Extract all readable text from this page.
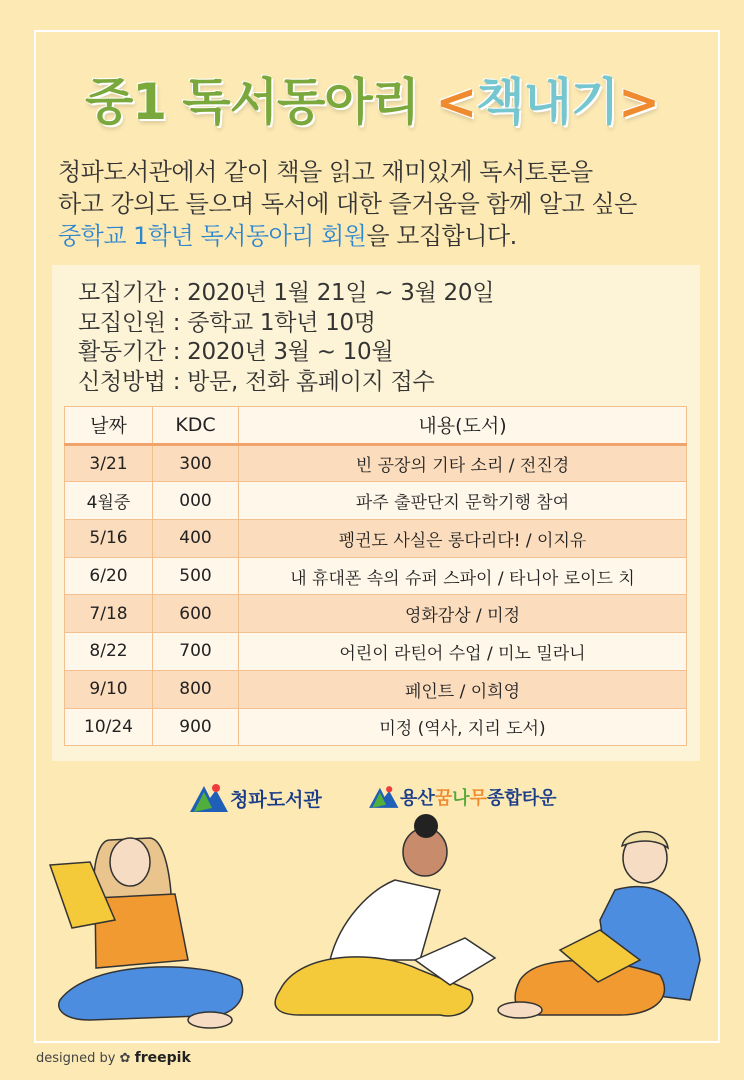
중1 독서동아리 <책내기>
청파도서관에서 같이 책을 읽고 재미있게 독서토론을
하고 강의도 들으며 독서에 대한 즐거움을 함께 알고 싶은
중학교 1학년 독서동아리 회원을 모집합니다.
모집기간 : 2020년 1월 21일 ~ 3월 20일
모집인원 : 중학교 1학년 10명
활동기간 : 2020년 3월 ~ 10월
신청방법 : 방문, 전화 홈페이지 접수
날짜	KDC	내용(도서)
3/21	300	빈 공장의 기타 소리 / 전진경
4월중	000	파주 출판단지 문학기행 참여
5/16	400	펭귄도 사실은 롱다리다! / 이지유
6/20	500	내 휴대폰 속의 슈퍼 스파이 / 타니아 로이드 치
7/18	600	영화감상 / 미정
8/22	700	어린이 라틴어 수업 / 미노 밀라니
9/10	800	페인트 / 이희영
10/24	900	미정 (역사, 지리 도서)
청파도서관	용산 꿈 나 무 종합타운
designed by ✿ freepik
